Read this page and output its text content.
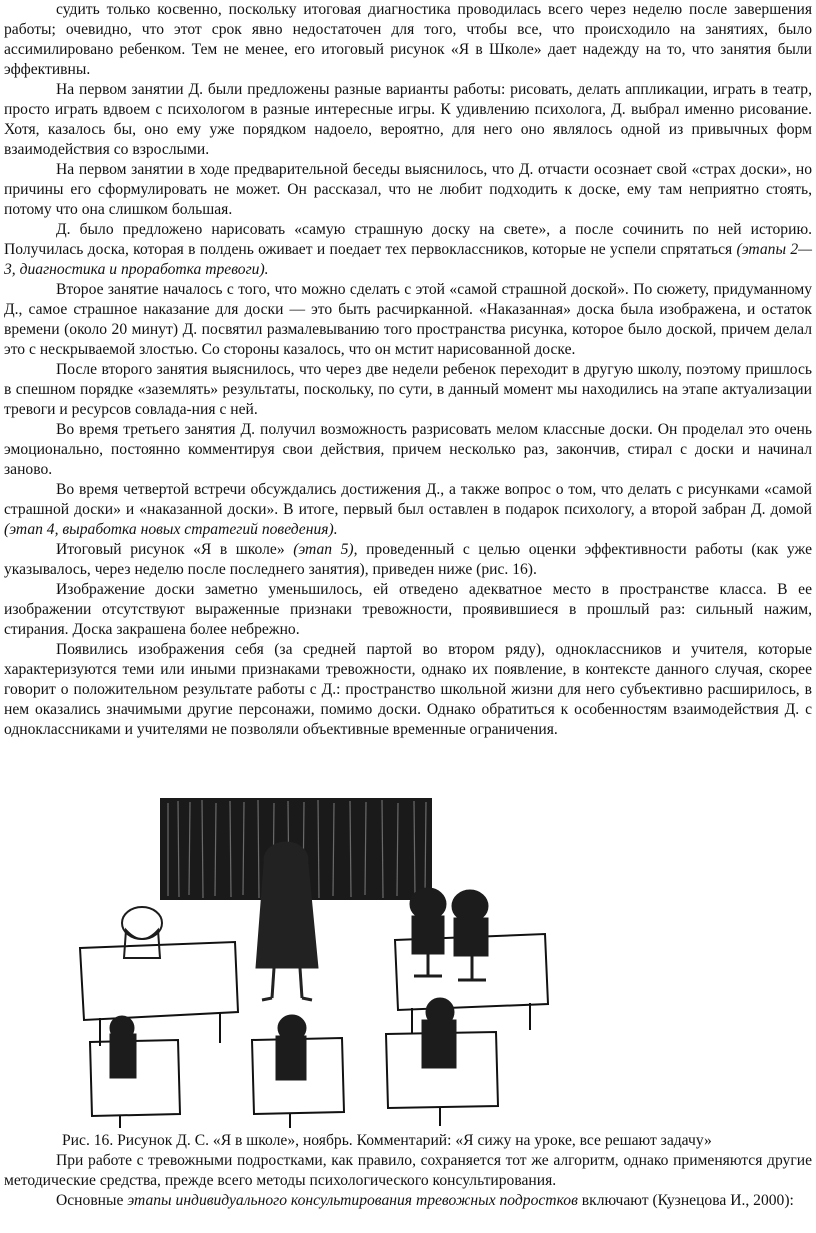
судить только косвенно, поскольку итоговая диагностика проводилась всего через неделю после завершения работы; очевидно, что этот срок явно недостаточен для того, чтобы все, что происходило на занятиях, было ассимилировано ребенком. Тем не менее, его итоговый рисунок «Я в Школе» дает надежду на то, что занятия были эффективны.

На первом занятии Д. были предложены разные варианты работы: рисовать, делать аппликации, играть в театр, просто играть вдвоем с психологом в разные интересные игры. К удивлению психолога, Д. выбрал именно рисование. Хотя, казалось бы, оно ему уже порядком надоело, вероятно, для него оно являлось одной из привычных форм взаимодействия со взрослыми.

На первом занятии в ходе предварительной беседы выяснилось, что Д. отчасти осознает свой «страх доски», но причины его сформулировать не может. Он рассказал, что не любит подходить к доске, ему там неприятно стоять, потому что она слишком большая.

Д. было предложено нарисовать «самую страшную доску на свете», а после сочинить по ней историю. Получилась доска, которая в полдень оживает и поедает тех первоклассников, которые не успели спрятаться (этапы 2—3, диагностика и проработка тревоги).

Второе занятие началось с того, что можно сделать с этой «самой страшной доской». По сюжету, придуманному Д., самое страшное наказание для доски — это быть расчирканной. «Наказанная» доска была изображена, и остаток времени (около 20 минут) Д. посвятил размалевыванию того пространства рисунка, которое было доской, причем делал это с нескрываемой злостью. Со стороны казалось, что он мстит нарисованной доске.

После второго занятия выяснилось, что через две недели ребенок переходит в другую школу, поэтому пришлось в спешном порядке «заземлять» результаты, поскольку, по сути, в данный момент мы находились на этапе актуализации тревоги и ресурсов совлада-ния с ней.

Во время третьего занятия Д. получил возможность разрисовать мелом классные доски. Он проделал это очень эмоционально, постоянно комментируя свои действия, причем несколько раз, закончив, стирал с доски и начинал заново.

Во время четвертой встречи обсуждались достижения Д., а также вопрос о том, что делать с рисунками «самой страшной доски» и «наказанной доски». В итоге, первый был оставлен в подарок психологу, а второй забран Д. домой (этап 4, выработка новых стратегий поведения).

Итоговый рисунок «Я в школе» (этап 5), проведенный с целью оценки эффективности работы (как уже указывалось, через неделю после последнего занятия), приведен ниже (рис. 16).

Изображение доски заметно уменьшилось, ей отведено адекватное место в пространстве класса. В ее изображении отсутствуют выраженные признаки тревожности, проявившиеся в прошлый раз: сильный нажим, стирания. Доска закрашена более небрежно.

Появились изображения себя (за средней партой во втором ряду), одноклассников и учителя, которые характеризуются теми или иными признаками тревожности, однако их появление, в контексте данного случая, скорее говорит о положительном результате работы с Д.: пространство школьной жизни для него субъективно расширилось, в нем оказались значимыми другие персонажи, помимо доски. Однако обратиться к особенностям взаимодействия Д. с одноклассниками и учителями не позволяли объективные временные ограничения.

Рис. 16. Рисунок Д. С. «Я в школе», ноябрь. Комментарий: «Я сижу на уроке, все решают задачу»

При работе с тревожными подростками, как правило, сохраняется тот же алгоритм, однако применяются другие методические средства, прежде всего методы психологического консультирования.

Основные этапы индивидуального консультирования тревожных подростков включают (Кузнецова И., 2000):
